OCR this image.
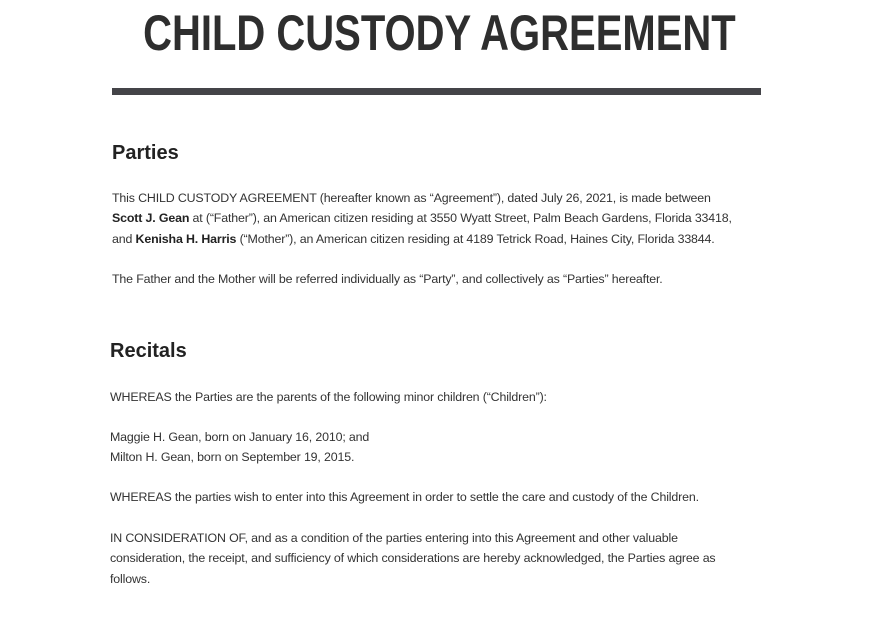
CHILD CUSTODY AGREEMENT
Parties
This CHILD CUSTODY AGREEMENT (hereafter known as “Agreement”), dated July 26, 2021, is made between
Scott J. Gean at (“Father”), an American citizen residing at 3550 Wyatt Street, Palm Beach Gardens, Florida 33418,
and Kenisha H. Harris (“Mother”), an American citizen residing at 4189 Tetrick Road, Haines City, Florida 33844.
The Father and the Mother will be referred individually as “Party”, and collectively as “Parties” hereafter.
Recitals
WHEREAS the Parties are the parents of the following minor children (“Children”):
Maggie H. Gean, born on January 16, 2010; and
Milton H. Gean, born on September 19, 2015.
WHEREAS the parties wish to enter into this Agreement in order to settle the care and custody of the Children.
IN CONSIDERATION OF, and as a condition of the parties entering into this Agreement and other valuable
consideration, the receipt, and sufficiency of which considerations are hereby acknowledged, the Parties agree as
follows.
